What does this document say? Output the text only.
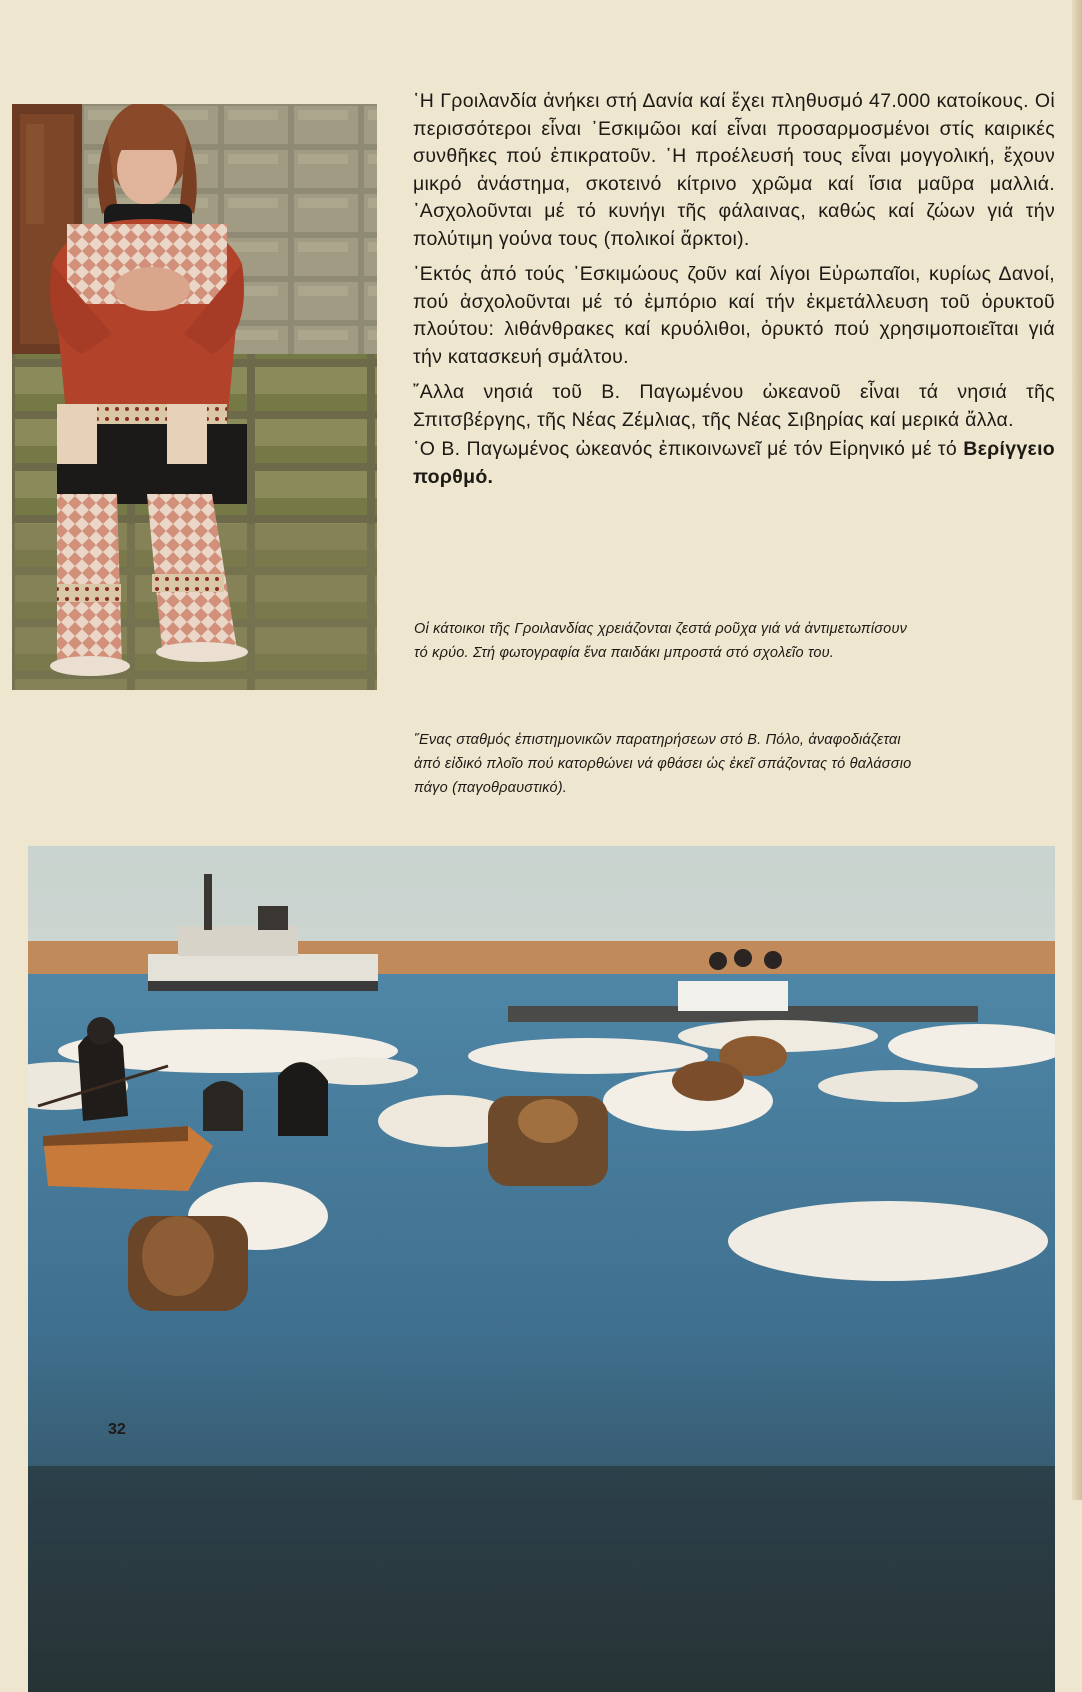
῾Η Γροιλανδία ἀνήκει στή Δανία καί ἔχει πληθυσμό 47.000 κατοίκους. Οἱ περισσότεροι εἶναι ᾿Εσκιμῶοι καί εἶναι προσαρμοσμένοι στίς καιρικές συνθῆκες πού ἐπικρατοῦν. ῾Η προέλευσή τους εἶναι μογγολική, ἔχουν μικρό ἀνάστημα, σκοτεινό κίτρινο χρῶμα καί ἴσια μαῦρα μαλλιά. ᾿Ασχολοῦνται μέ τό κυνήγι τῆς φάλαινας, καθώς καί ζώων γιά τήν πολύτιμη γούνα τους (πολικοί ἄρκτοι).

᾿Εκτός ἀπό τούς ᾿Εσκιμώους ζοῦν καί λίγοι Εὐρωπαῖοι, κυρίως Δανοί, πού ἀσχολοῦνται μέ τό ἐμπόριο καί τήν ἐκμετάλλευση τοῦ ὀρυκτοῦ πλούτου: λιθάνθρακες καί κρυόλιθοι, ὀρυκτό πού χρησιμοποιεῖται γιά τήν κατασκευή σμάλτου.

῎Αλλα νησιά τοῦ Β. Παγωμένου ὠκεανοῦ εἶναι τά νησιά τῆς Σπιτσβέργης, τῆς Νέας Ζέμλιας, τῆς Νέας Σιβηρίας καί μερικά ἄλλα.

῾Ο Β. Παγωμένος ὠκεανός ἐπικοινωνεῖ μέ τόν Εἰρηνικό μέ τό Βερίγγειο πορθμό.

Οἱ κάτοικοι τῆς Γροιλανδίας χρειάζονται ζεστά ροῦχα γιά νά ἀντιμετωπίσουν τό κρύο. Στή φωτογραφία ἕνα παιδάκι μπροστά στό σχολεῖο του.
῞Ενας σταθμός ἐπιστημονικῶν παρατηρήσεων στό Β. Πόλο, ἀναφοδιάζεται ἀπό εἰδικό πλοῖο πού κατορθώνει νά φθάσει ὡς ἐκεῖ σπάζοντας τό θαλάσσιο πάγο (παγοθραυστικό).
32
